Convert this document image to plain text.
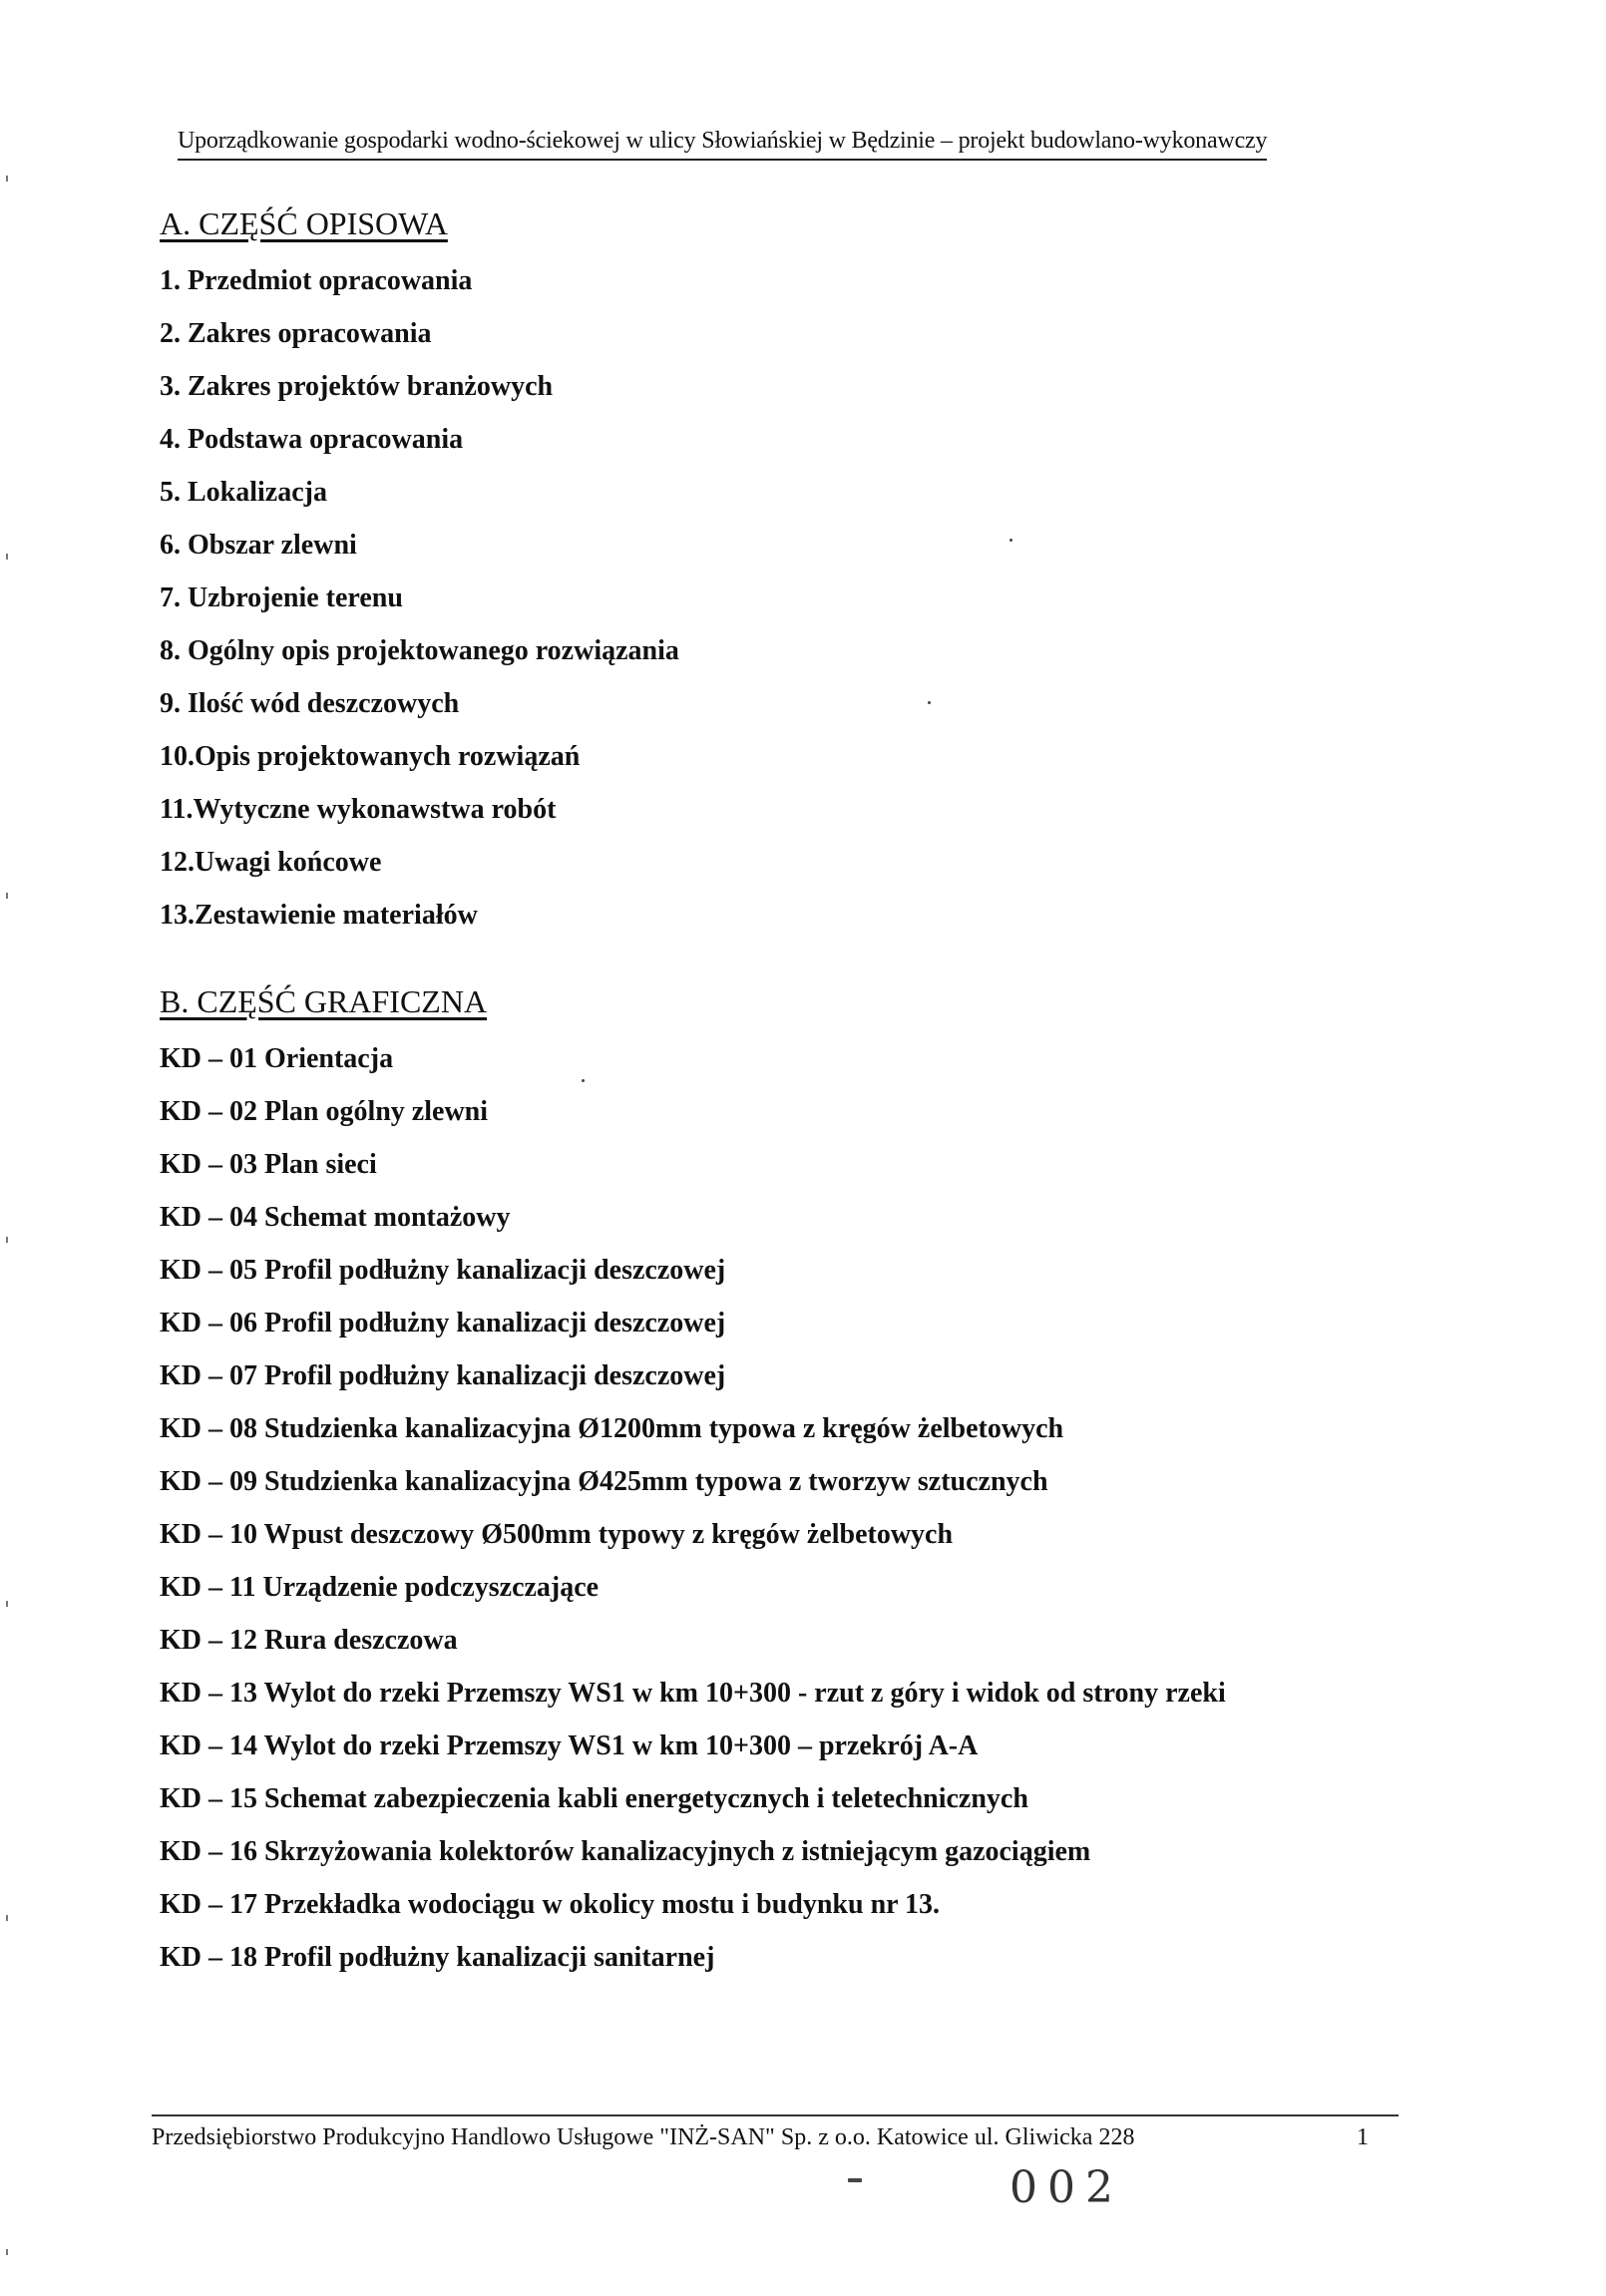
Uporządkowanie gospodarki wodno-ściekowej w ulicy Słowiańskiej w Będzinie – projekt budowlano-wykonawczy
A. CZĘŚĆ OPISOWA
1. Przedmiot opracowania
2. Zakres opracowania
3. Zakres projektów branżowych
4. Podstawa opracowania
5. Lokalizacja
6. Obszar zlewni
7. Uzbrojenie terenu
8. Ogólny opis projektowanego rozwiązania
9. Ilość wód deszczowych
10.Opis projektowanych rozwiązań
11.Wytyczne wykonawstwa robót
12.Uwagi końcowe
13.Zestawienie materiałów
B. CZĘŚĆ GRAFICZNA
KD – 01 Orientacja
KD – 02 Plan ogólny zlewni
KD – 03 Plan sieci
KD – 04 Schemat montażowy
KD – 05 Profil podłużny kanalizacji deszczowej
KD – 06 Profil podłużny kanalizacji deszczowej
KD – 07 Profil podłużny kanalizacji deszczowej
KD – 08 Studzienka kanalizacyjna Ø1200mm typowa z kręgów żelbetowych
KD – 09 Studzienka kanalizacyjna Ø425mm typowa z tworzyw sztucznych
KD – 10 Wpust deszczowy Ø500mm typowy z kręgów żelbetowych
KD – 11 Urządzenie podczyszczające
KD – 12 Rura deszczowa
KD – 13 Wylot do rzeki Przemszy WS1 w km 10+300 - rzut z góry i widok od strony rzeki
KD – 14 Wylot do rzeki Przemszy WS1 w km 10+300 – przekrój A-A
KD – 15 Schemat zabezpieczenia kabli energetycznych i teletechnicznych
KD – 16 Skrzyżowania kolektorów kanalizacyjnych z istniejącym gazociągiem
KD – 17 Przekładka wodociągu w okolicy mostu i budynku nr 13.
KD – 18 Profil podłużny kanalizacji sanitarnej
Przedsiębiorstwo Produkcyjno Handlowo Usługowe "INŻ-SAN" Sp. z o.o. Katowice ul. Gliwicka 228	1
002
